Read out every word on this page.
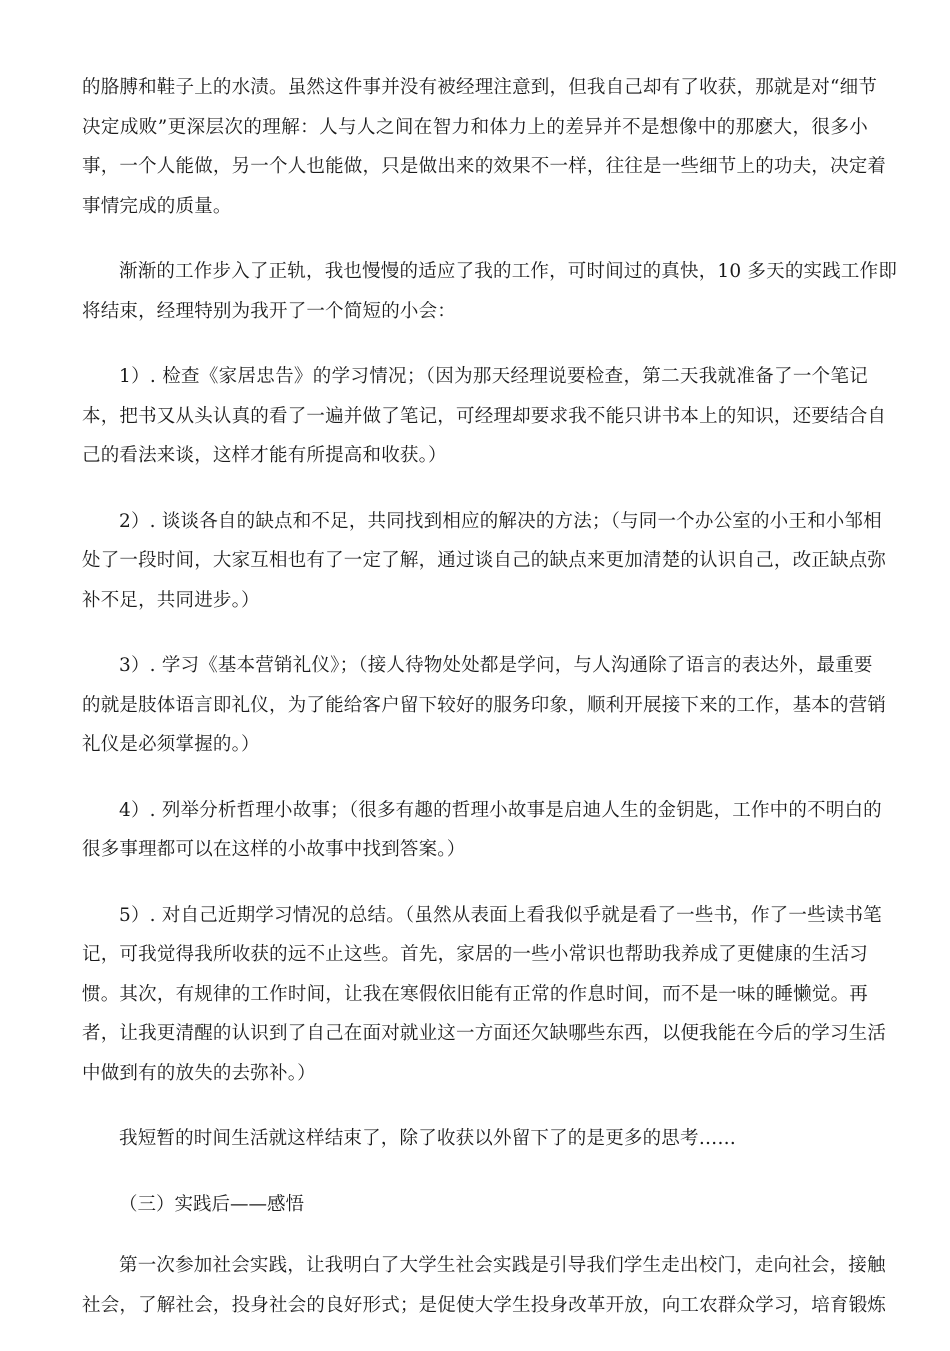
的胳膊和鞋子上的水渍。虽然这件事并没有被经理注意到，但我自己却有了收获，那就是对“细节
决定成败”更深层次的理解：人与人之间在智力和体力上的差异并不是想像中的那麽大，很多小
事，一个人能做，另一个人也能做，只是做出来的效果不一样，往往是一些细节上的功夫，决定着
事情完成的质量。
渐渐的工作步入了正轨，我也慢慢的适应了我的工作，可时间过的真快，10 多天的实践工作即
将结束，经理特别为我开了一个简短的小会：
1）. 检查《家居忠告》的学习情况；（因为那天经理说要检查，第二天我就准备了一个笔记
本，把书又从头认真的看了一遍并做了笔记，可经理却要求我不能只讲书本上的知识，还要结合自
己的看法来谈，这样才能有所提高和收获。）
2）. 谈谈各自的缺点和不足，共同找到相应的解决的方法；（与同一个办公室的小王和小邹相
处了一段时间，大家互相也有了一定了解，通过谈自己的缺点来更加清楚的认识自己，改正缺点弥
补不足，共同进步。）
3）. 学习《基本营销礼仪》；（接人待物处处都是学问，与人沟通除了语言的表达外，最重要
的就是肢体语言即礼仪，为了能给客户留下较好的服务印象，顺利开展接下来的工作，基本的营销
礼仪是必须掌握的。）
4）. 列举分析哲理小故事；（很多有趣的哲理小故事是启迪人生的金钥匙，工作中的不明白的
很多事理都可以在这样的小故事中找到答案。）
5）. 对自己近期学习情况的总结。（虽然从表面上看我似乎就是看了一些书，作了一些读书笔
记，可我觉得我所收获的远不止这些。首先，家居的一些小常识也帮助我养成了更健康的生活习
惯。其次，有规律的工作时间，让我在寒假依旧能有正常的作息时间，而不是一味的睡懒觉。再
者，让我更清醒的认识到了自己在面对就业这一方面还欠缺哪些东西，以便我能在今后的学习生活
中做到有的放失的去弥补。）
我短暂的时间生活就这样结束了，除了收获以外留下了的是更多的思考……
（三）实践后——感悟
第一次参加社会实践，让我明白了大学生社会实践是引导我们学生走出校门，走向社会，接触
社会，了解社会，投身社会的良好形式；是促使大学生投身改革开放，向工农群众学习，培育锻炼
